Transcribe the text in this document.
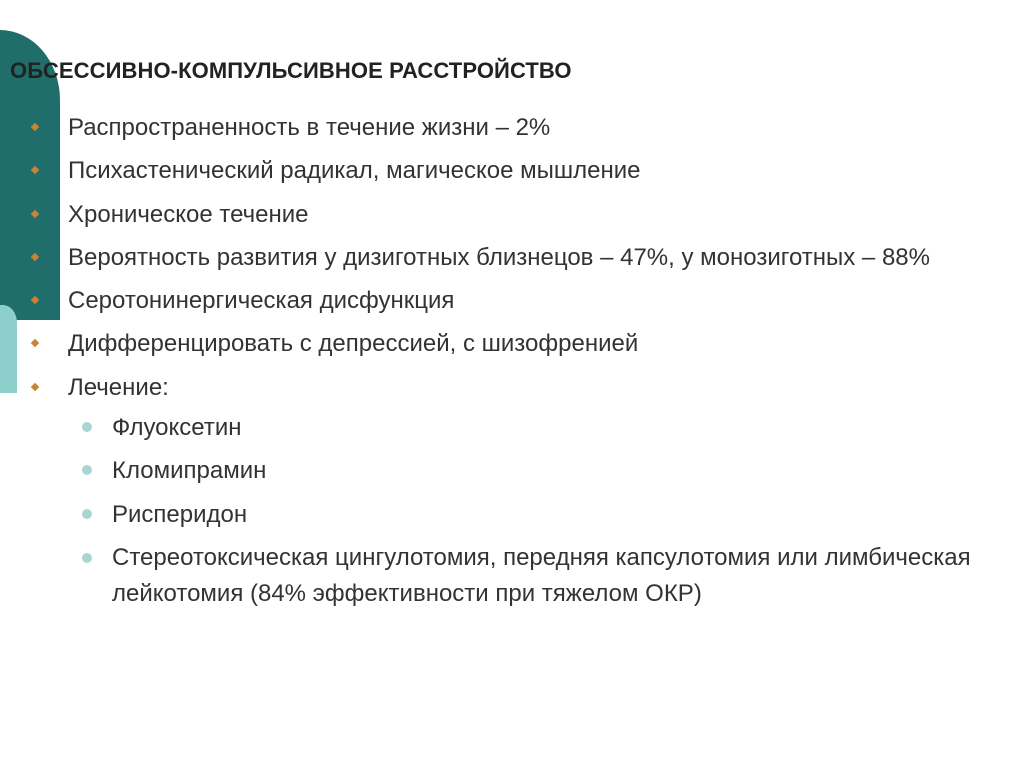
ОБСЕССИВНО-КОМПУЛЬСИВНОЕ РАССТРОЙСТВО
Распространенность в течение жизни – 2%
Психастенический радикал, магическое мышление
Хроническое течение
Вероятность развития у дизиготных близнецов – 47%, у монозиготных – 88%
Серотонинергическая дисфункция
Дифференцировать с депрессией, с шизофренией
Лечение:
Флуоксетин
Кломипрамин
Рисперидон
Стереотоксическая цингулотомия, передняя капсулотомия или лимбическая лейкотомия (84% эффективности при тяжелом ОКР)
